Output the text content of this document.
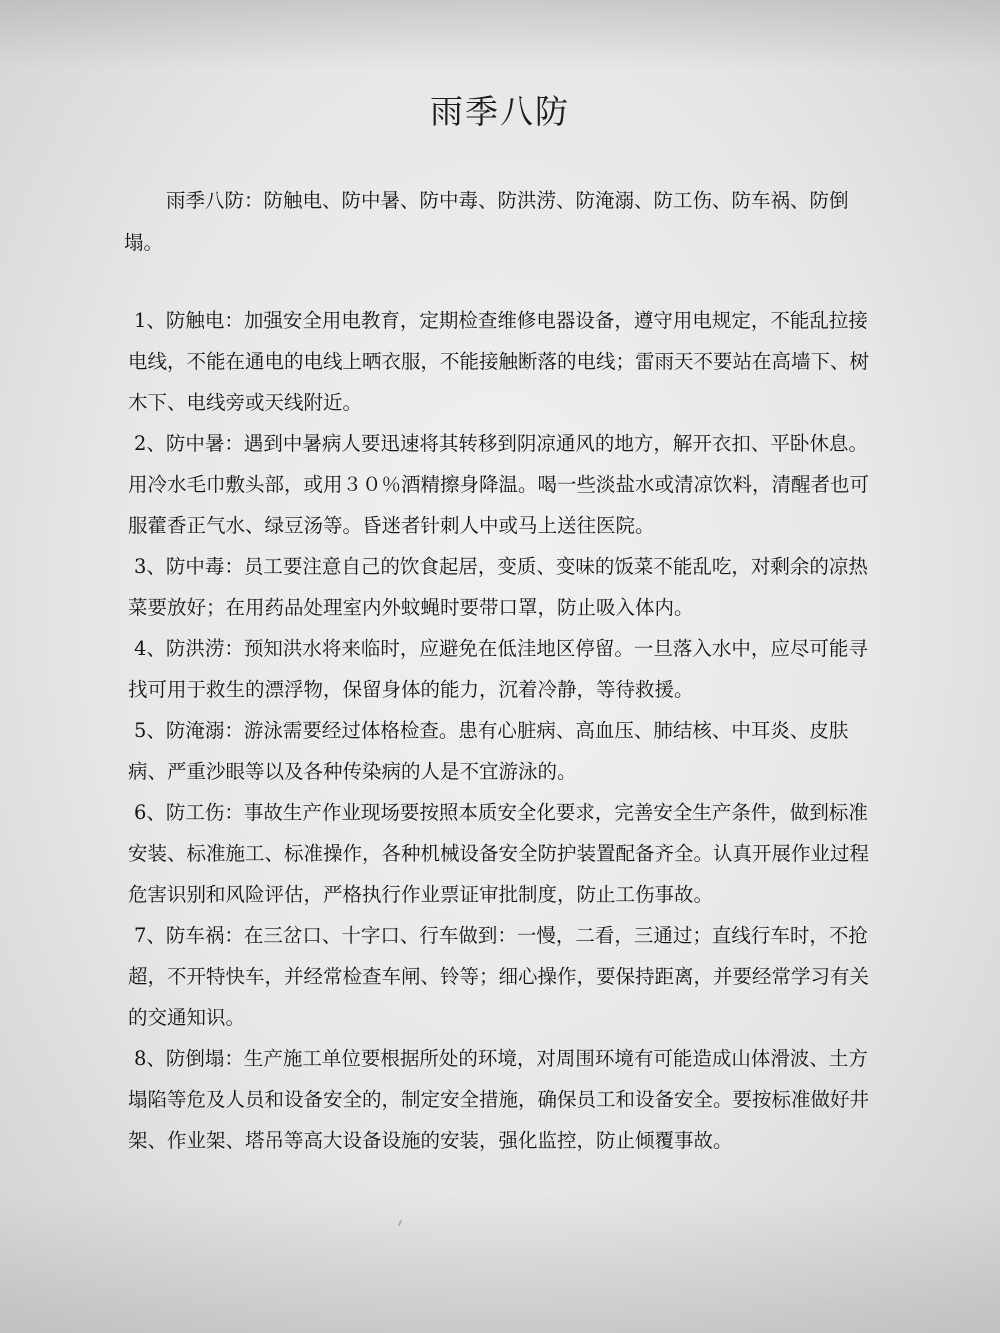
雨季八防

雨季八防：防触电、防中暑、防中毒、防洪涝、防淹溺、防工伤、防车祸、防倒塌。

1、防触电：加强安全用电教育，定期检查维修电器设备，遵守用电规定，不能乱拉接电线，不能在通电的电线上晒衣服，不能接触断落的电线；雷雨天不要站在高墙下、树木下、电线旁或天线附近。

2、防中暑：遇到中暑病人要迅速将其转移到阴凉通风的地方，解开衣扣、平卧休息。用冷水毛巾敷头部，或用３０％酒精擦身降温。喝一些淡盐水或清凉饮料，清醒者也可服藿香正气水、绿豆汤等。昏迷者针刺人中或马上送往医院。

3、防中毒：员工要注意自己的饮食起居，变质、变味的饭菜不能乱吃，对剩余的凉热菜要放好；在用药品处理室内外蚊蝇时要带口罩，防止吸入体内。

4、防洪涝：预知洪水将来临时，应避免在低洼地区停留。一旦落入水中，应尽可能寻找可用于救生的漂浮物，保留身体的能力，沉着冷静，等待救援。

5、防淹溺：游泳需要经过体格检查。患有心脏病、高血压、肺结核、中耳炎、皮肤病、严重沙眼等以及各种传染病的人是不宜游泳的。

6、防工伤：事故生产作业现场要按照本质安全化要求，完善安全生产条件，做到标准安装、标准施工、标准操作，各种机械设备安全防护装置配备齐全。认真开展作业过程危害识别和风险评估，严格执行作业票证审批制度，防止工伤事故。

7、防车祸：在三岔口、十字口、行车做到：一慢，二看，三通过；直线行车时，不抢超，不开特快车，并经常检查车闸、铃等；细心操作，要保持距离，并要经常学习有关的交通知识。

8、防倒塌：生产施工单位要根据所处的环境，对周围环境有可能造成山体滑波、土方塌陷等危及人员和设备安全的，制定安全措施，确保员工和设备安全。要按标准做好井架、作业架、塔吊等高大设备设施的安装，强化监控，防止倾覆事故。
